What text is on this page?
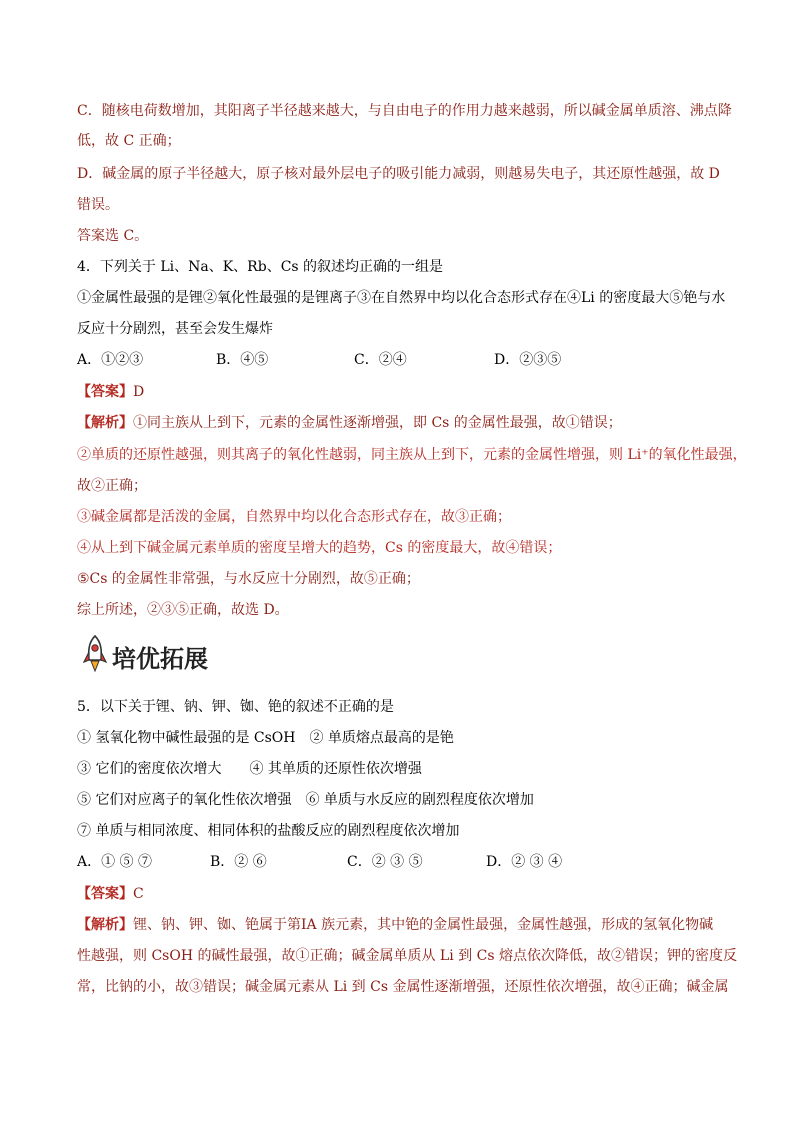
C．随核电荷数增加，其阳离子半径越来越大，与自由电子的作用力越来越弱，所以碱金属单质溶、沸点降
低，故 C 正确；
D．碱金属的原子半径越大，原子核对最外层电子的吸引能力减弱，则越易失电子，其还原性越强，故 D
错误。
答案选 C。
4．下列关于 Li、Na、K、Rb、Cs 的叙述均正确的一组是
①金属性最强的是锂②氧化性最强的是锂离子③在自然界中均以化合态形式存在④Li 的密度最大⑤铯与水
反应十分剧烈，甚至会发生爆炸
A．①②③	B．④⑤	C．②④	D．②③⑤
【答案】D
【解析】①同主族从上到下，元素的金属性逐渐增强，即 Cs 的金属性最强，故①错误；
②单质的还原性越强，则其离子的氧化性越弱，同主族从上到下，元素的金属性增强，则 Li⁺的氧化性最强，
故②正确；
③碱金属都是活泼的金属，自然界中均以化合态形式存在，故③正确；
④从上到下碱金属元素单质的密度呈增大的趋势，Cs 的密度最大，故④错误；
⑤Cs 的金属性非常强，与水反应十分剧烈，故⑤正确；
综上所述，②③⑤正确，故选 D。
培优拓展
5．以下关于锂、钠、钾、铷、铯的叙述不正确的是
① 氢氧化物中碱性最强的是 CsOH　② 单质熔点最高的是铯
③ 它们的密度依次增大　　④ 其单质的还原性依次增强
⑤ 它们对应离子的氧化性依次增强　⑥ 单质与水反应的剧烈程度依次增加
⑦ 单质与相同浓度、相同体积的盐酸反应的剧烈程度依次增加
A．① ⑤ ⑦	B．② ⑥	C．② ③ ⑤	D．② ③ ④
【答案】C
【解析】锂、钠、钾、铷、铯属于第ⅠA 族元素，其中铯的金属性最强，金属性越强，形成的氢氧化物碱
性越强，则 CsOH 的碱性最强，故①正确；碱金属单质从 Li 到 Cs 熔点依次降低，故②错误；钾的密度反
常，比钠的小，故③错误；碱金属元素从 Li 到 Cs 金属性逐渐增强，还原性依次增强，故④正确；碱金属
